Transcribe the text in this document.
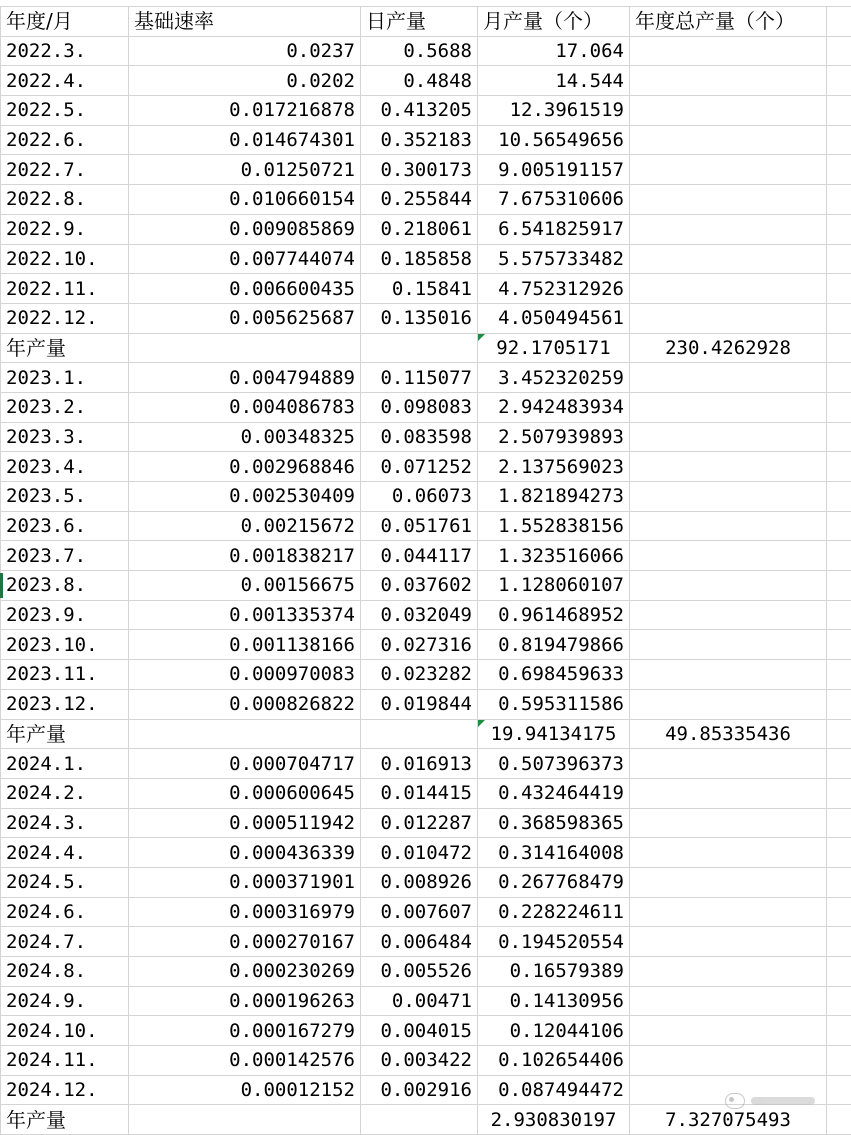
年度/月	基础速率	日产量	月产量（个）	年度总产量（个）	
2022.3.	0.0237	0.5688	17.064		
2022.4.	0.0202	0.4848	14.544		
2022.5.	0.017216878	0.413205	12.3961519		
2022.6.	0.014674301	0.352183	10.56549656		
2022.7.	0.01250721	0.300173	9.005191157		
2022.8.	0.010660154	0.255844	7.675310606		
2022.9.	0.009085869	0.218061	6.541825917		
2022.10.	0.007744074	0.185858	5.575733482		
2022.11.	0.006600435	0.15841	4.752312926		
2022.12.	0.005625687	0.135016	4.050494561		
年产量			92.1705171	230.4262928	
2023.1.	0.004794889	0.115077	3.452320259		
2023.2.	0.004086783	0.098083	2.942483934		
2023.3.	0.00348325	0.083598	2.507939893		
2023.4.	0.002968846	0.071252	2.137569023		
2023.5.	0.002530409	0.06073	1.821894273		
2023.6.	0.00215672	0.051761	1.552838156		
2023.7.	0.001838217	0.044117	1.323516066		
2023.8.	0.00156675	0.037602	1.128060107		
2023.9.	0.001335374	0.032049	0.961468952		
2023.10.	0.001138166	0.027316	0.819479866		
2023.11.	0.000970083	0.023282	0.698459633		
2023.12.	0.000826822	0.019844	0.595311586		
年产量			19.94134175	49.85335436	
2024.1.	0.000704717	0.016913	0.507396373		
2024.2.	0.000600645	0.014415	0.432464419		
2024.3.	0.000511942	0.012287	0.368598365		
2024.4.	0.000436339	0.010472	0.314164008		
2024.5.	0.000371901	0.008926	0.267768479		
2024.6.	0.000316979	0.007607	0.228224611		
2024.7.	0.000270167	0.006484	0.194520554		
2024.8.	0.000230269	0.005526	0.16579389		
2024.9.	0.000196263	0.00471	0.14130956		
2024.10.	0.000167279	0.004015	0.12044106		
2024.11.	0.000142576	0.003422	0.102654406		
2024.12.	0.00012152	0.002916	0.087494472		
年产量			2.930830197	7.327075493	
